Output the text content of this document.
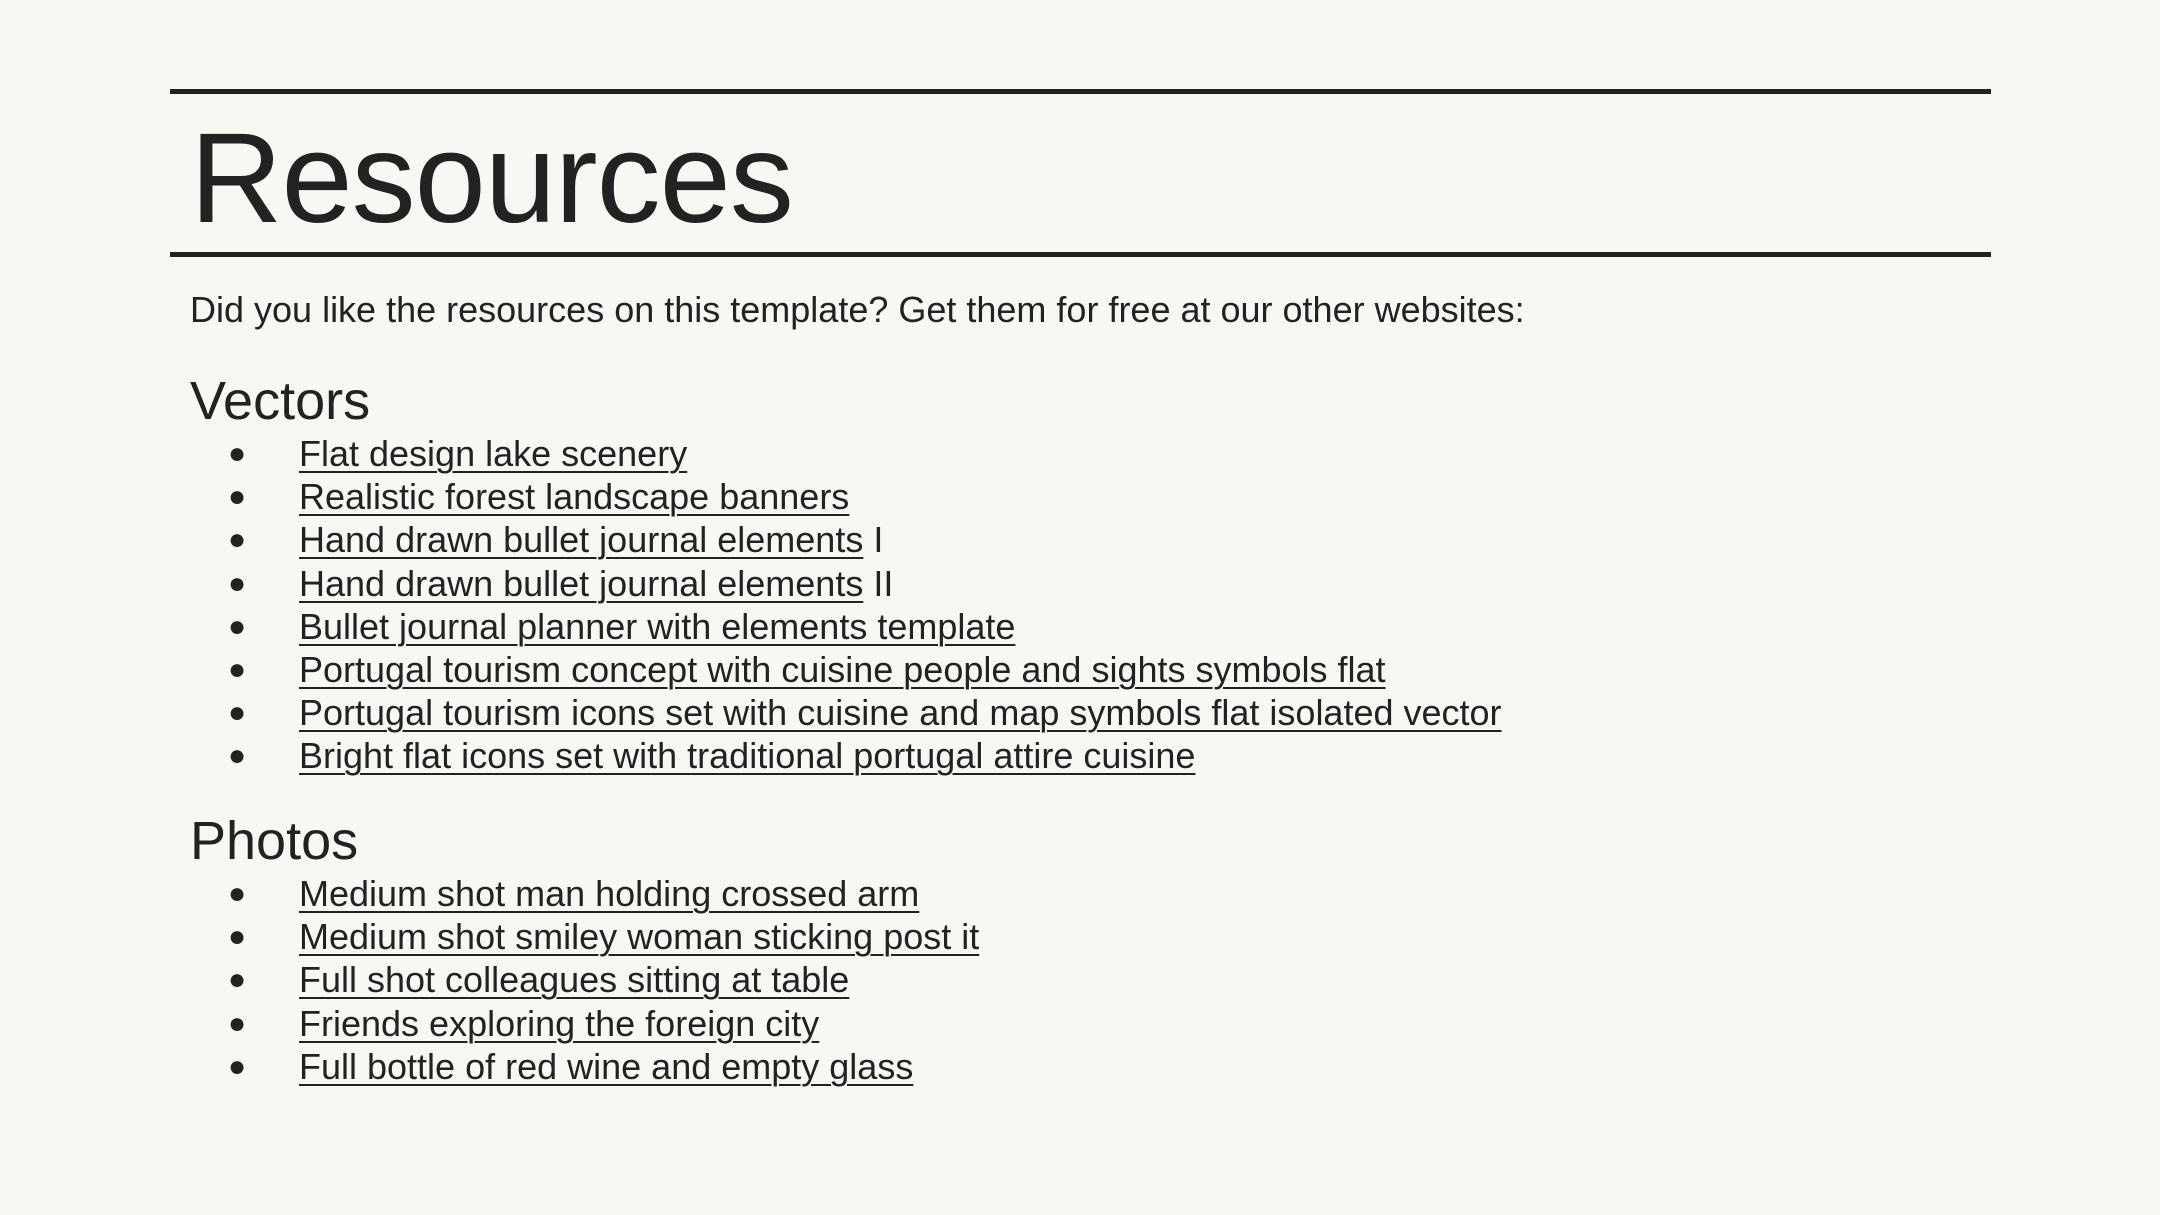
Resources

Did you like the resources on this template? Get them for free at our other websites:

Vectors
● Flat design lake scenery
● Realistic forest landscape banners
● Hand drawn bullet journal elements I
● Hand drawn bullet journal elements II
● Bullet journal planner with elements template
● Portugal tourism concept with cuisine people and sights symbols flat
● Portugal tourism icons set with cuisine and map symbols flat isolated vector
● Bright flat icons set with traditional portugal attire cuisine
Photos
● Medium shot man holding crossed arm
● Medium shot smiley woman sticking post it
● Full shot colleagues sitting at table
● Friends exploring the foreign city
● Full bottle of red wine and empty glass
